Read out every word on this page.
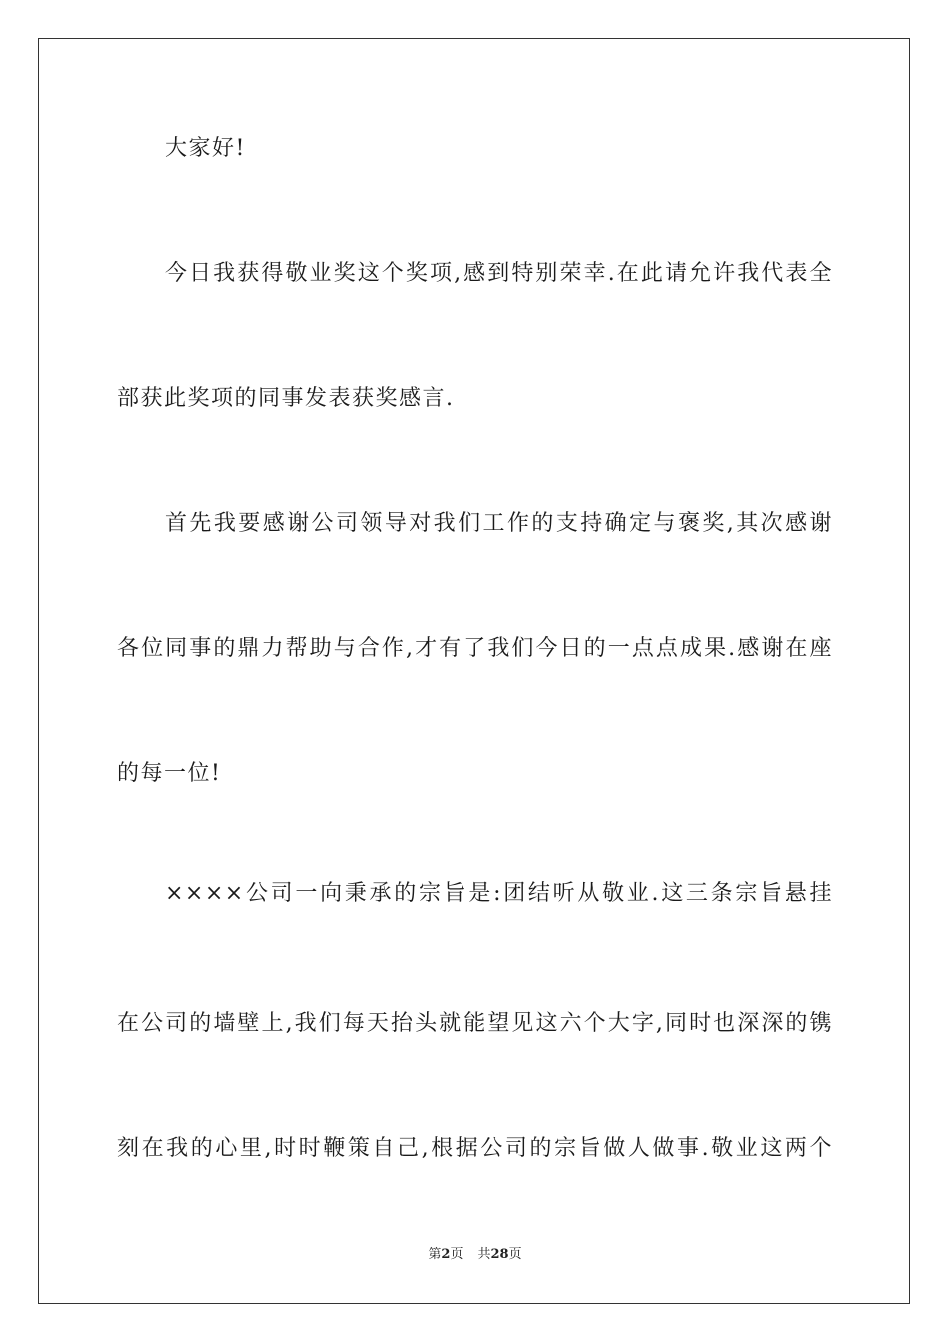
大家好!
今日我获得敬业奖这个奖项,感到特别荣幸.在此请允许我代表全
部获此奖项的同事发表获奖感言.
首先我要感谢公司领导对我们工作的支持确定与褒奖,其次感谢
各位同事的鼎力帮助与合作,才有了我们今日的一点点成果.感谢在座
的每一位!
××××公司一向秉承的宗旨是:团结听从敬业.这三条宗旨悬挂
在公司的墙壁上,我们每天抬头就能望见这六个大字,同时也深深的镌
刻在我的心里,时时鞭策自己,根据公司的宗旨做人做事.敬业这两个
第2页 共28页
